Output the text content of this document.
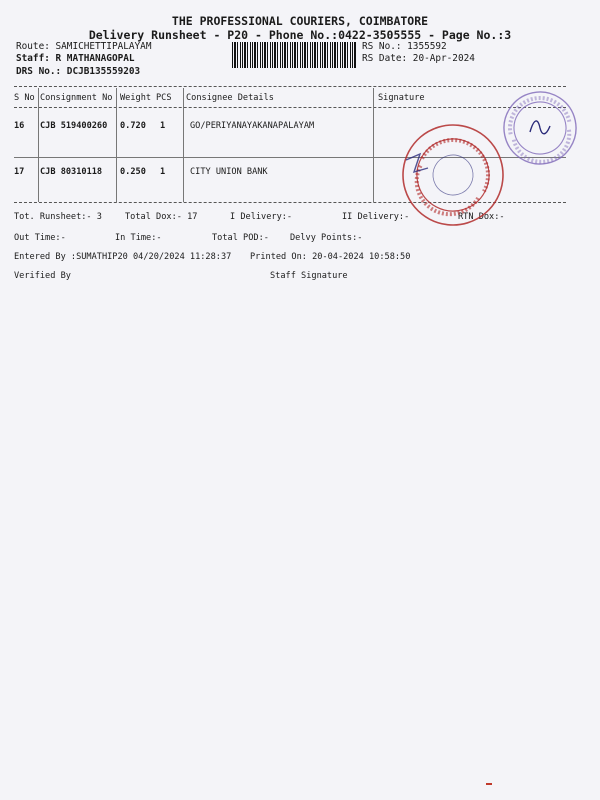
THE PROFESSIONAL COURIERS, COIMBATORE
Delivery Runsheet - P20 - Phone No.:0422-3505555 - Page No.:3
Route: SAMICHETTIPALAYAM
Staff: R MATHANAGOPAL
DRS No.: DCJB135559203
RS No.: 1355592
RS Date: 20-Apr-2024
S No Consignment No Weight PCS Consignee Details	Signature
16 CJB 519400260 0.720 1	GO/PERIYANAYAKANAPALAYAM
17 CJB 80310118 0.250 1	CITY UNION BANK
Tot. Runsheet:- 3	Total Dox:- 17	I Delivery:-	II Delivery:-	RTN Dox:-
Out Time:-	In Time:-	Total POD:- Delvy Points:-
Entered By :SUMATHIP20 04/20/2024 11:28:37 Printed On: 20-04-2024 10:58:50
Verified By	Staff Signature
